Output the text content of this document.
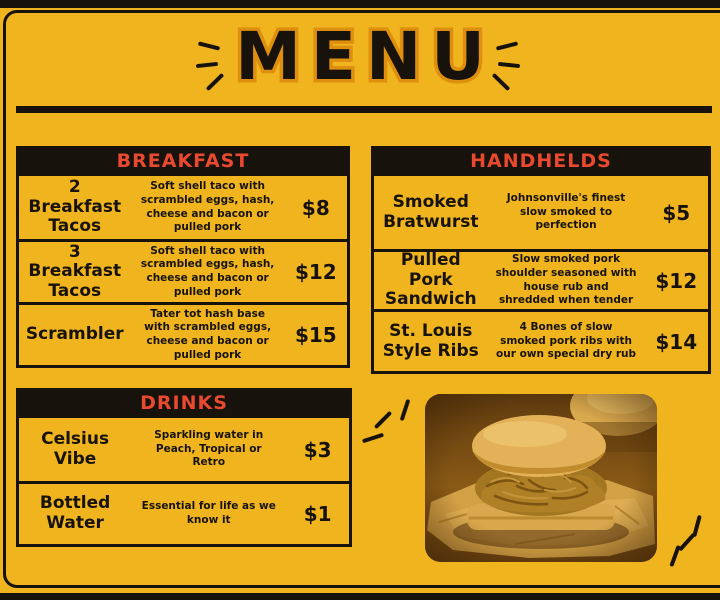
MENU
BREAKFAST
2 Breakfast Tacos
Soft shell taco with scrambled eggs, hash, cheese and bacon or pulled pork
$8
3 Breakfast Tacos
Soft shell taco with scrambled eggs, hash, cheese and bacon or pulled pork
$12
Scrambler
Tater tot hash base with scrambled eggs, cheese and bacon or pulled pork
$15
HANDHELDS
Smoked Bratwurst
Johnsonville's finest slow smoked to perfection
$5
Pulled Pork Sandwich
Slow smoked pork shoulder seasoned with house rub and shredded when tender
$12
St. Louis Style Ribs
4 Bones of slow smoked pork ribs with our own special dry rub
$14
DRINKS
Celsius Vibe
Sparkling water in Peach, Tropical or Retro
$3
Bottled Water
Essential for life as we know it	$1
